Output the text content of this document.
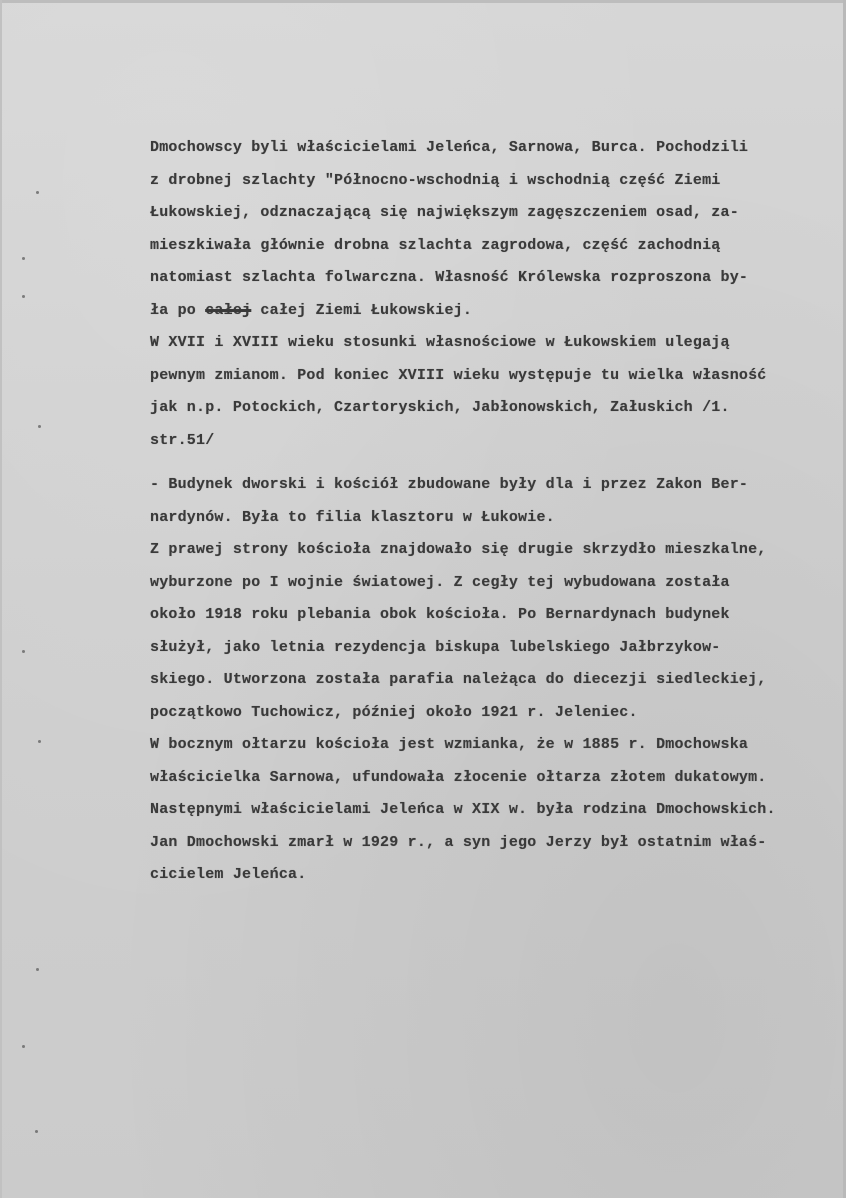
Dmochowscy byli właścicielami Jeleńca, Sarnowa, Burca. Pochodzili
z drobnej szlachty "Północno-wschodnią i wschodnią część Ziemi
Łukowskiej, odznaczającą się największym zagęszczeniem osad, za-
mieszkiwała głównie drobna szlachta zagrodowa, część zachodnią
natomiast szlachta folwarczna. Własność Królewska rozproszona by-
ła po całej całej Ziemi Łukowskiej.
W XVII i XVIII wieku stosunki własnościowe w Łukowskiem ulegają
pewnym zmianom. Pod koniec XVIII wieku występuje tu wielka własność
jak n.p. Potockich, Czartoryskich, Jabłonowskich, Załuskich /1.
str.51/
- Budynek dworski i kościół zbudowane były dla i przez Zakon Ber-
nardynów. Była to filia klasztoru w Łukowie.
Z prawej strony kościoła znajdowało się drugie skrzydło mieszkalne,
wyburzone po I wojnie światowej. Z cegły tej wybudowana została
około 1918 roku plebania obok kościoła. Po Bernardynach budynek
służył, jako letnia rezydencja biskupa lubelskiego Jałbrzykow-
skiego. Utworzona została parafia należąca do diecezji siedleckiej,
początkowo Tuchowicz, później około 1921 r. Jeleniec.
W bocznym ołtarzu kościoła jest wzmianka, że w 1885 r. Dmochowska
właścicielka Sarnowa, ufundowała złocenie ołtarza złotem dukatowym.
Następnymi właścicielami Jeleńca w XIX w. była rodzina Dmochowskich.
Jan Dmochowski zmarł w 1929 r., a syn jego Jerzy był ostatnim właś-
cicielem Jeleńca.
